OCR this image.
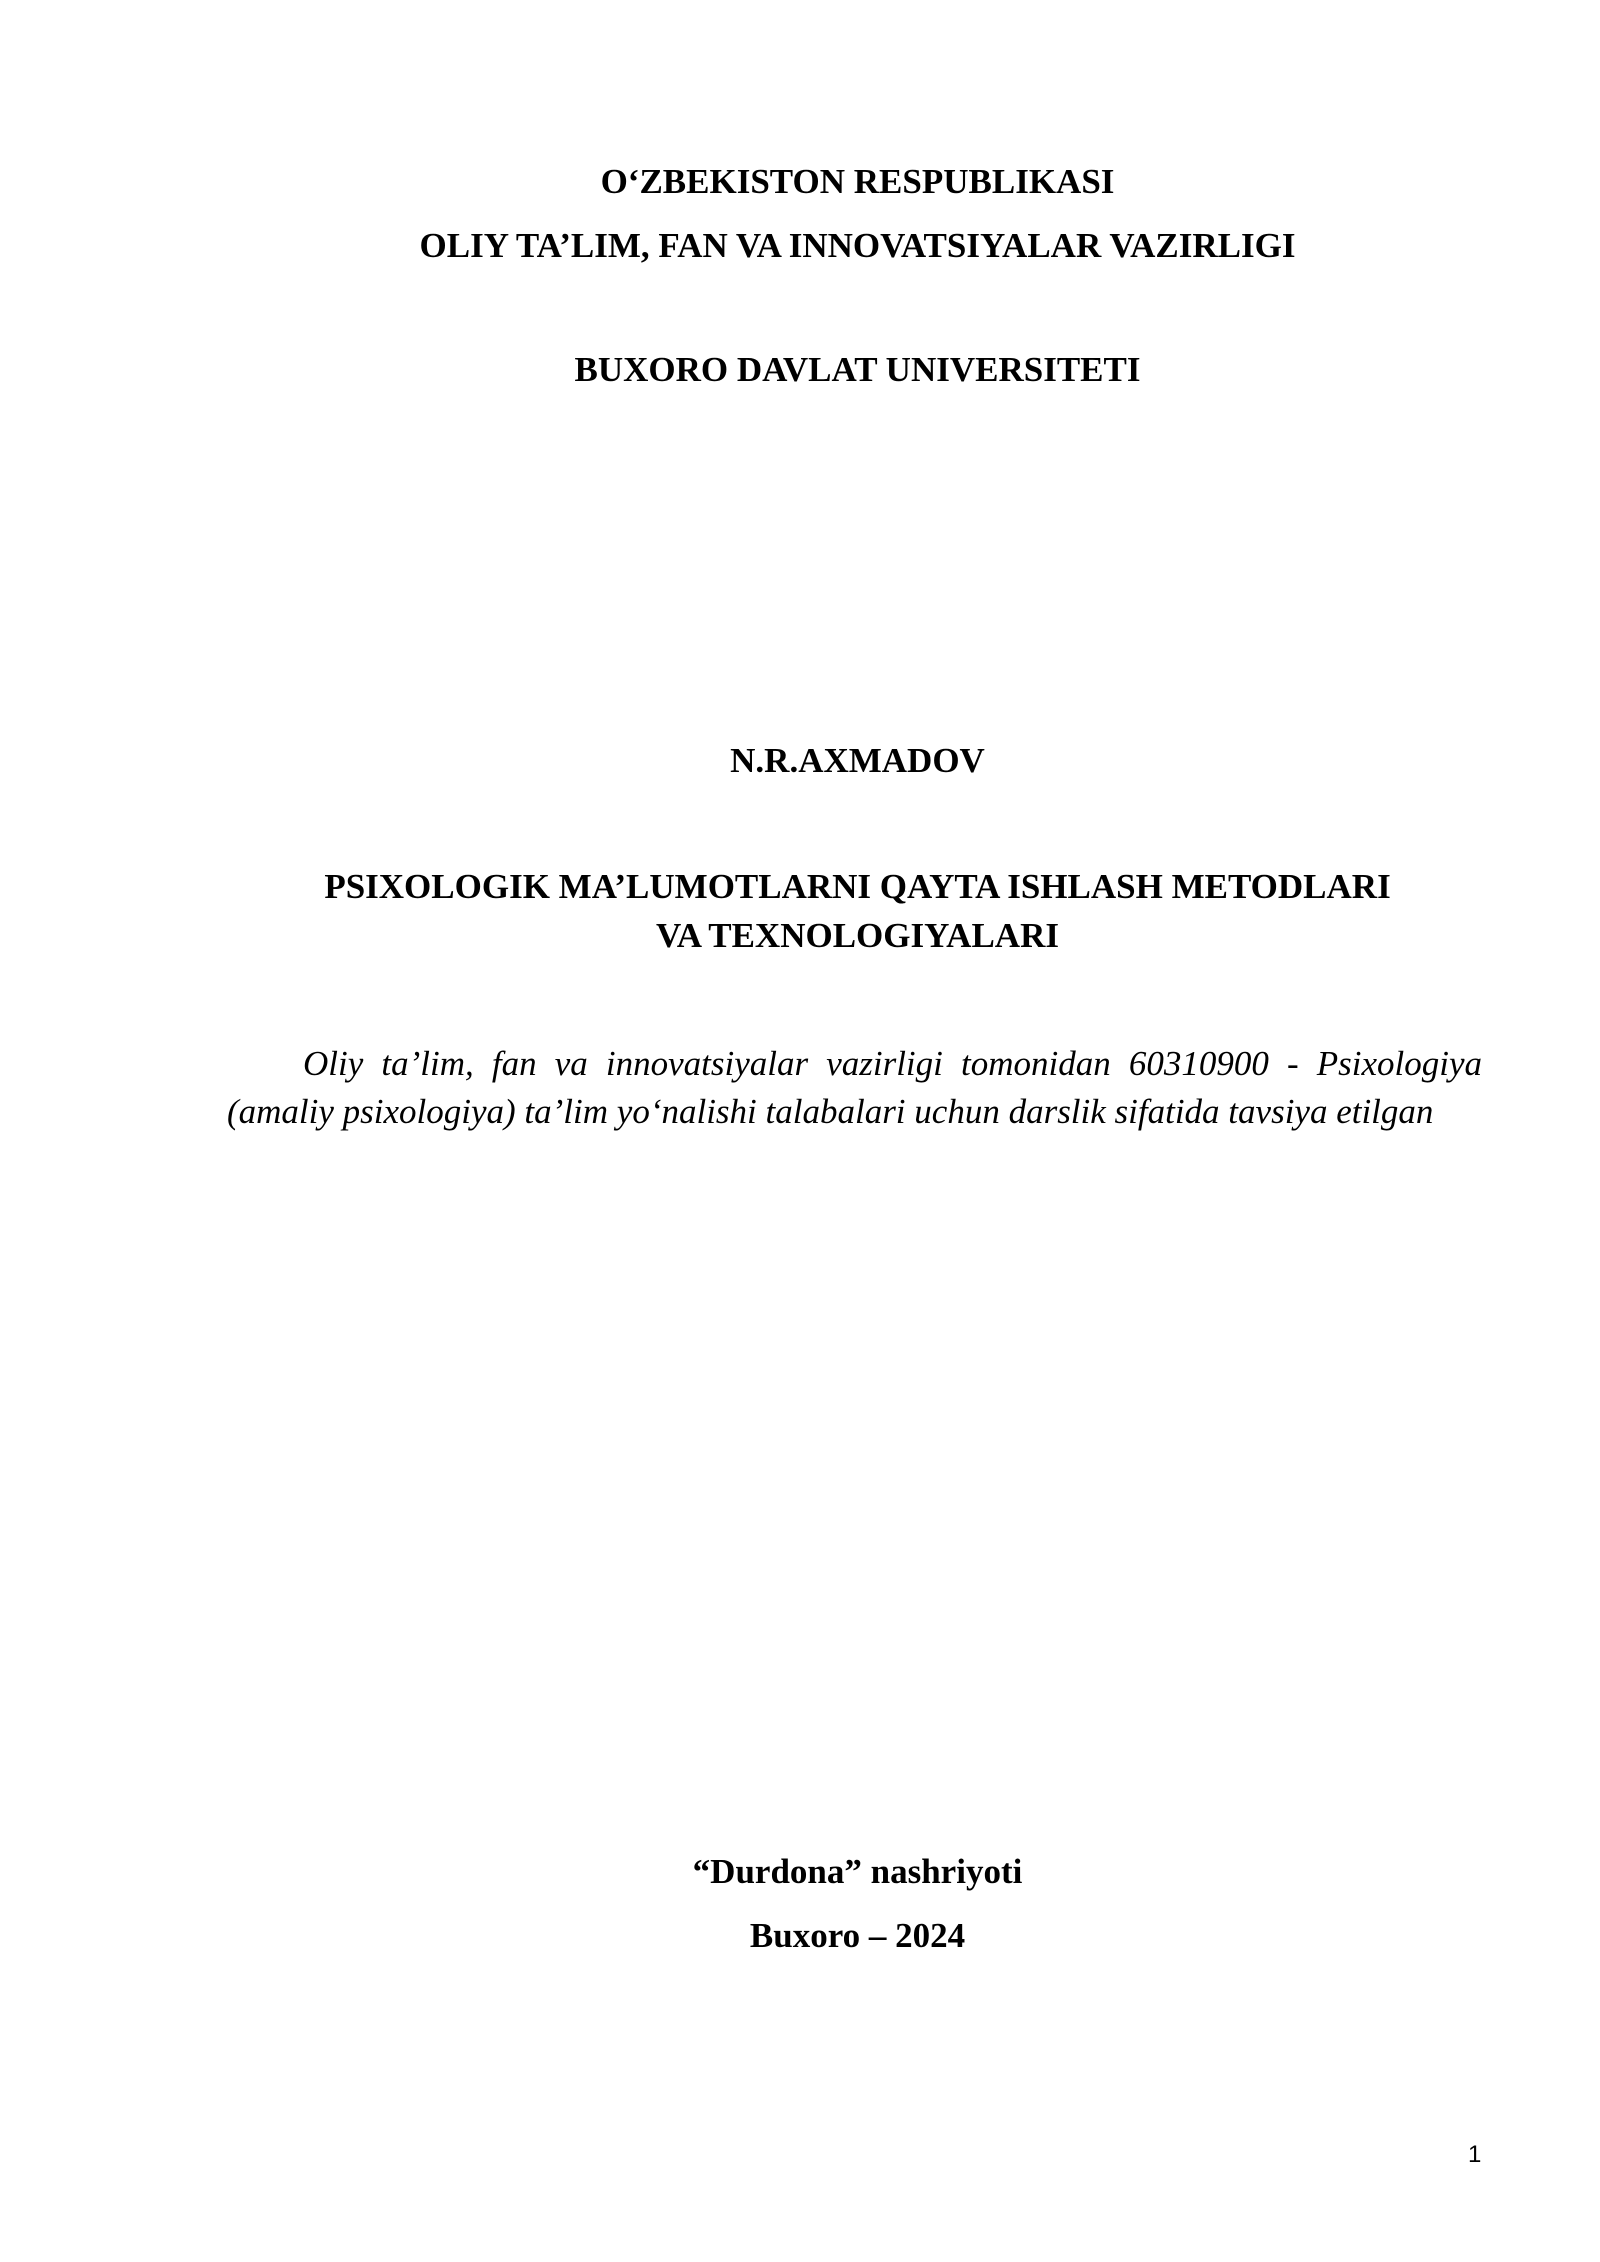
O‘ZBEKISTON RESPUBLIKASI
OLIY TA’LIM, FAN VA INNOVATSIYALAR VAZIRLIGI
BUXORO DAVLAT UNIVERSITETI
N.R.AXMADOV
PSIXOLOGIK MA’LUMOTLARNI QAYTA ISHLASH METODLARI
VA TEXNOLOGIYALARI
Oliy ta’lim, fan va innovatsiyalar vazirligi tomonidan 60310900 - Psixologiya (amaliy psixologiya) ta’lim yo‘nalishi talabalari uchun darslik sifatida tavsiya etilgan
“Durdona” nashriyoti
Buxoro – 2024
1
